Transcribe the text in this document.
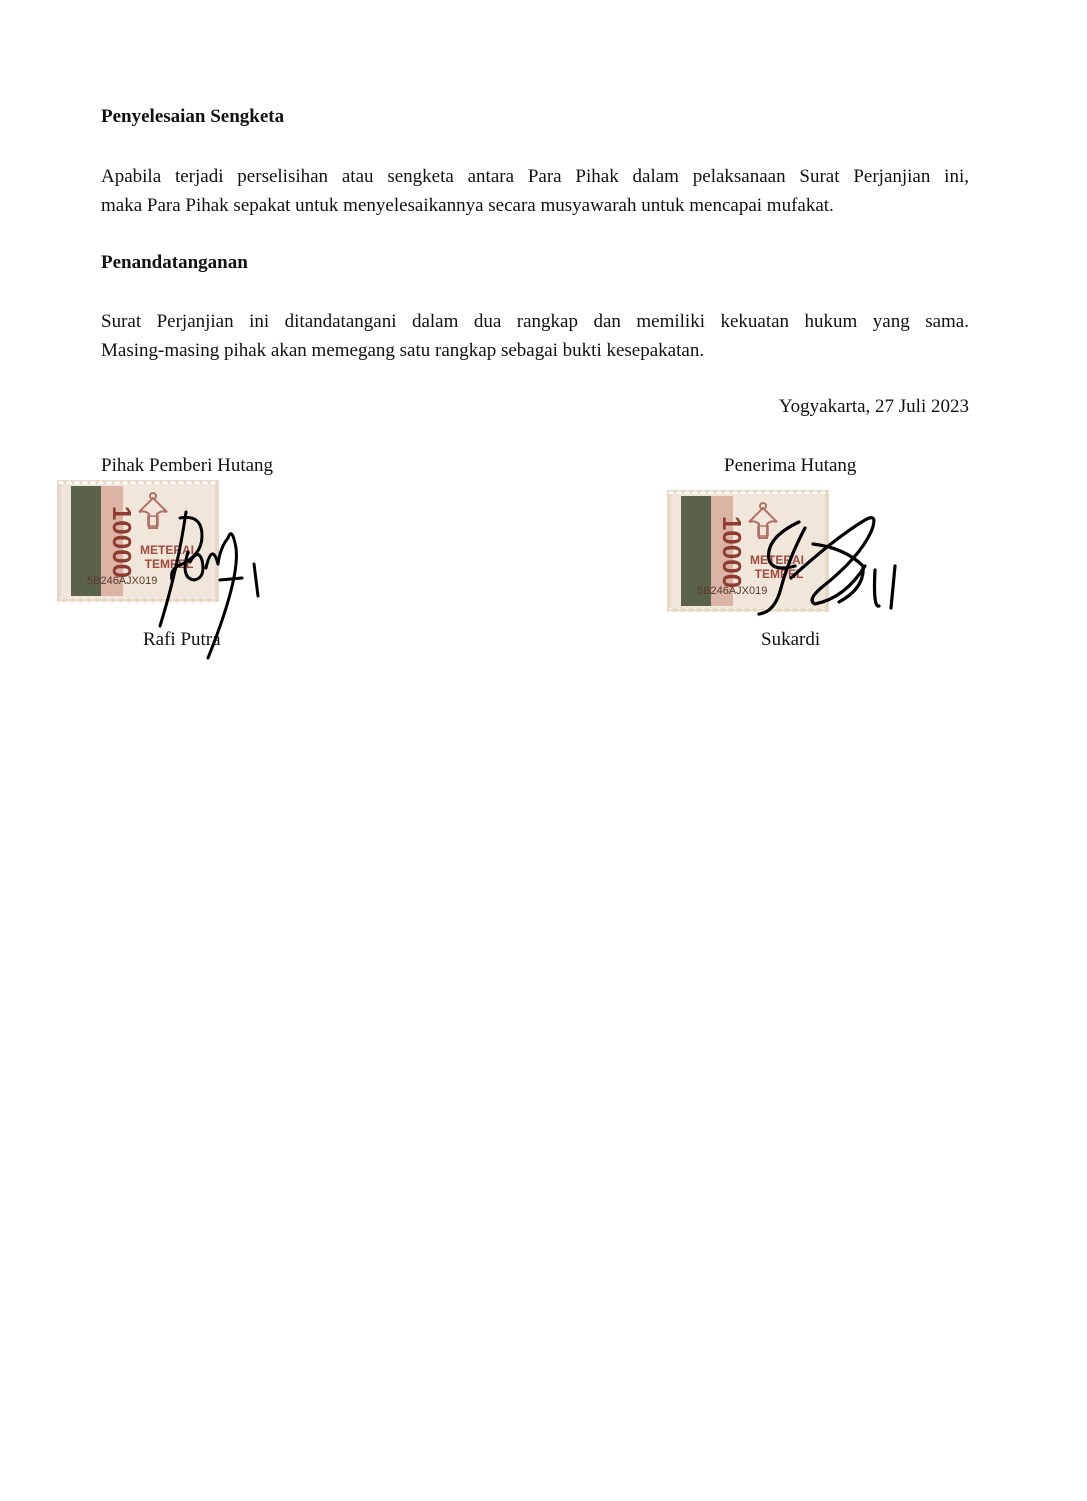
Penyelesaian Sengketa

Apabila terjadi perselisihan atau sengketa antara Para Pihak dalam pelaksanaan Surat Perjanjian ini,
maka Para Pihak sepakat untuk menyelesaikannya secara musyawarah untuk mencapai mufakat.

Penandatanganan

Surat Perjanjian ini ditandatangani dalam dua rangkap dan memiliki kekuatan hukum yang sama.
Masing-masing pihak akan memegang satu rangkap sebagai bukti kesepakatan.

Yogyakarta, 27 Juli 2023
Pihak Pemberi Hutang
10000 METERAI
TEMPEL
5B246AJX019
Rafi Putra
Penerima Hutang
10000 METERAI
TEMPEL
5B246AJX019
Sukardi
